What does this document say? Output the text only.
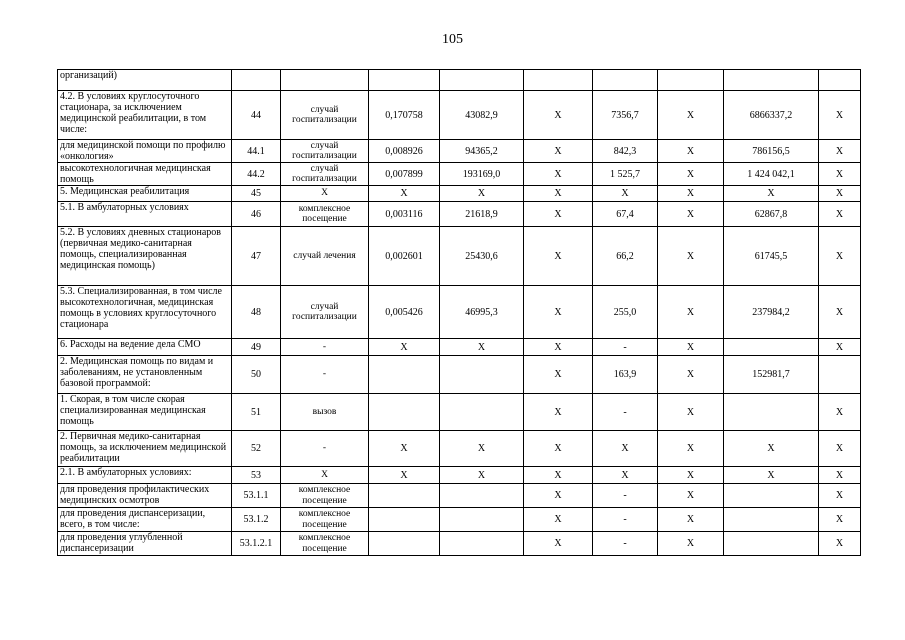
105
организаций)									
4.2. В условиях круглосуточного стационара, за исключением медицинской реабилитации, в том числе:	44	случай госпитализации	0,170758	43082,9	X	7356,7	X	6866337,2	X
для медицинской помощи по профилю «онкология»	44.1	случай госпитализации	0,008926	94365,2	X	842,3	X	786156,5	X
высокотехнологичная медицинская помощь	44.2	случай госпитализации	0,007899	193169,0	X	1 525,7	X	1 424 042,1	X
5. Медицинская реабилитация	45	X	X	X	X	X	X	X	X
5.1. В амбулаторных условиях	46	комплексное посещение	0,003116	21618,9	X	67,4	X	62867,8	X
5.2. В условиях дневных стационаров (первичная медико-санитарная помощь, специализированная медицинская помощь)	47	случай лечения	0,002601	25430,6	X	66,2	X	61745,5	X
5.3. Специализированная, в том числе высокотехнологичная, медицинская помощь в условиях круглосуточного стационара	48	случай госпитализации	0,005426	46995,3	X	255,0	X	237984,2	X
6. Расходы на ведение дела СМО	49	-	X	X	X	-	X		X
2. Медицинская помощь по видам и заболеваниям, не установленным базовой программой:	50	-			X	163,9	X	152981,7	
1. Скорая, в том числе скорая специализированная медицинская помощь	51	вызов			X	-	X		X
2. Первичная медико-санитарная помощь, за исключением медицинской реабилитации	52	-	X	X	X	X	X	X	X
2.1. В амбулаторных условиях:	53	X	X	X	X	X	X	X	X
для проведения профилактических медицинских осмотров	53.1.1	комплексное посещение			X	-	X		X
для проведения диспансеризации, всего, в том числе:	53.1.2	комплексное посещение			X	-	X		X
для проведения углубленной диспансеризации	53.1.2.1	комплексное посещение			X	-	X		X
